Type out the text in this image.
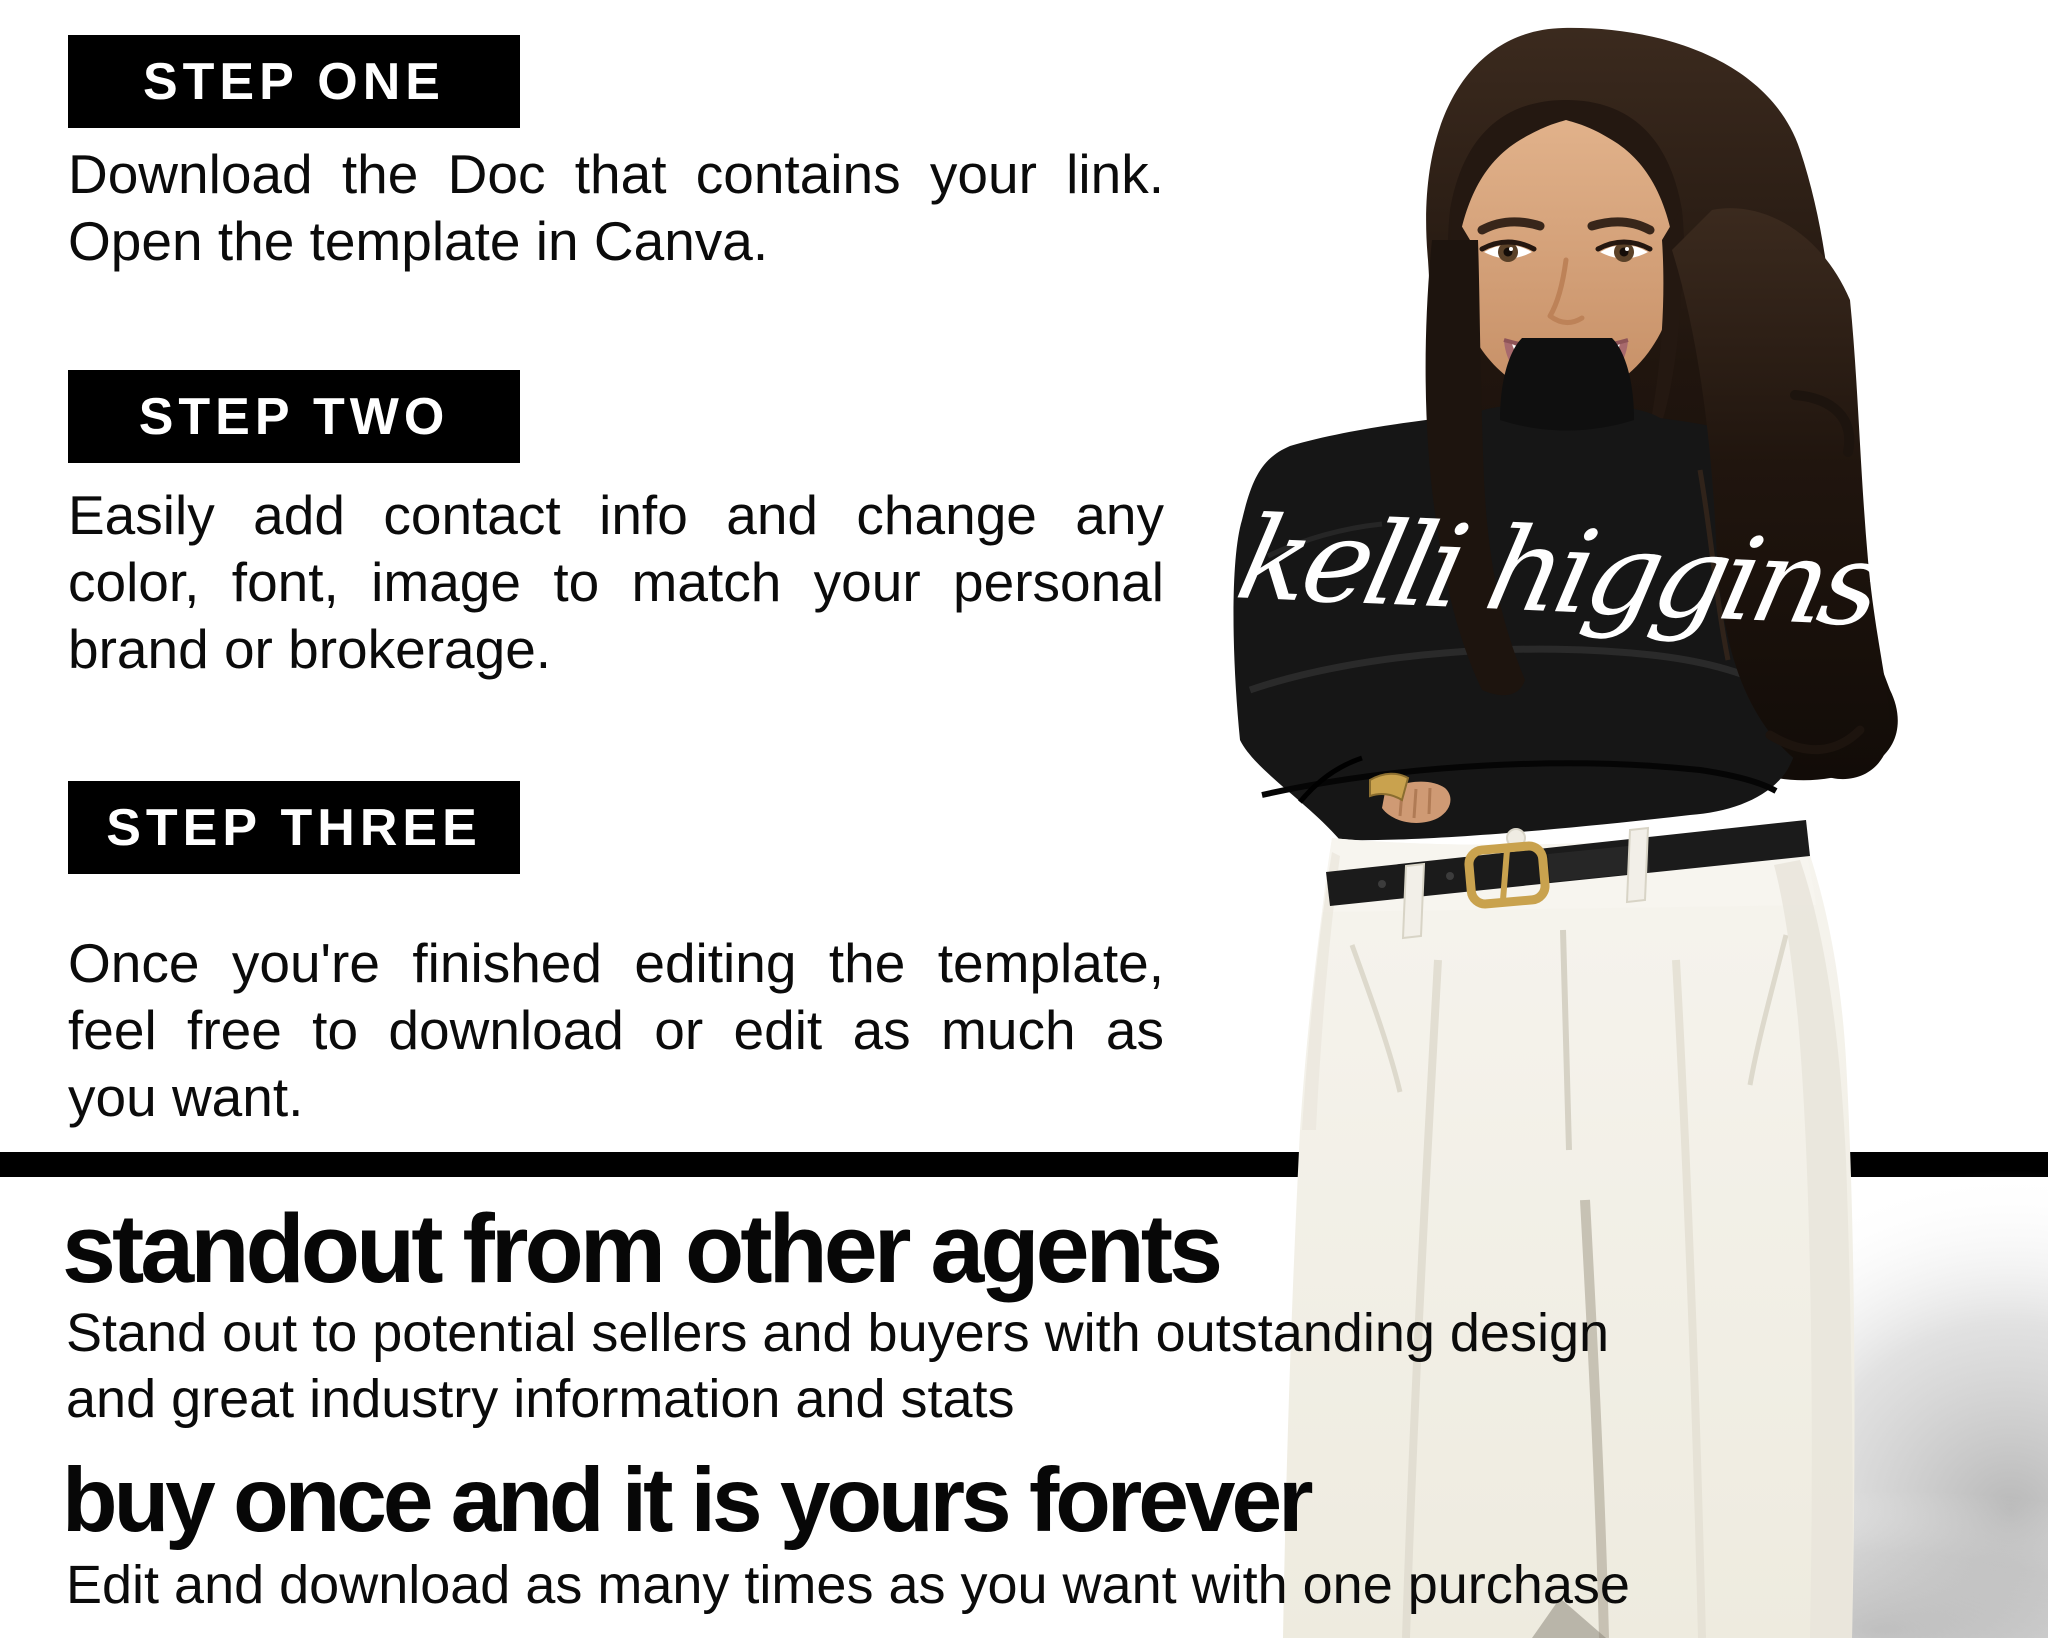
kelli higgins
STEP ONE
Download the Doc that contains your link.
Open the template in Canva.
STEP TWO
Easily add contact info and change any
color, font, image to match your personal
brand or brokerage.
STEP THREE
Once you're finished editing the template,
feel free to download or edit as much as
you want.
standout from other agents
Stand out to potential sellers and buyers with outstanding design
and great industry information and stats
buy once and it is yours forever
Edit and download as many times as you want with one purchase
